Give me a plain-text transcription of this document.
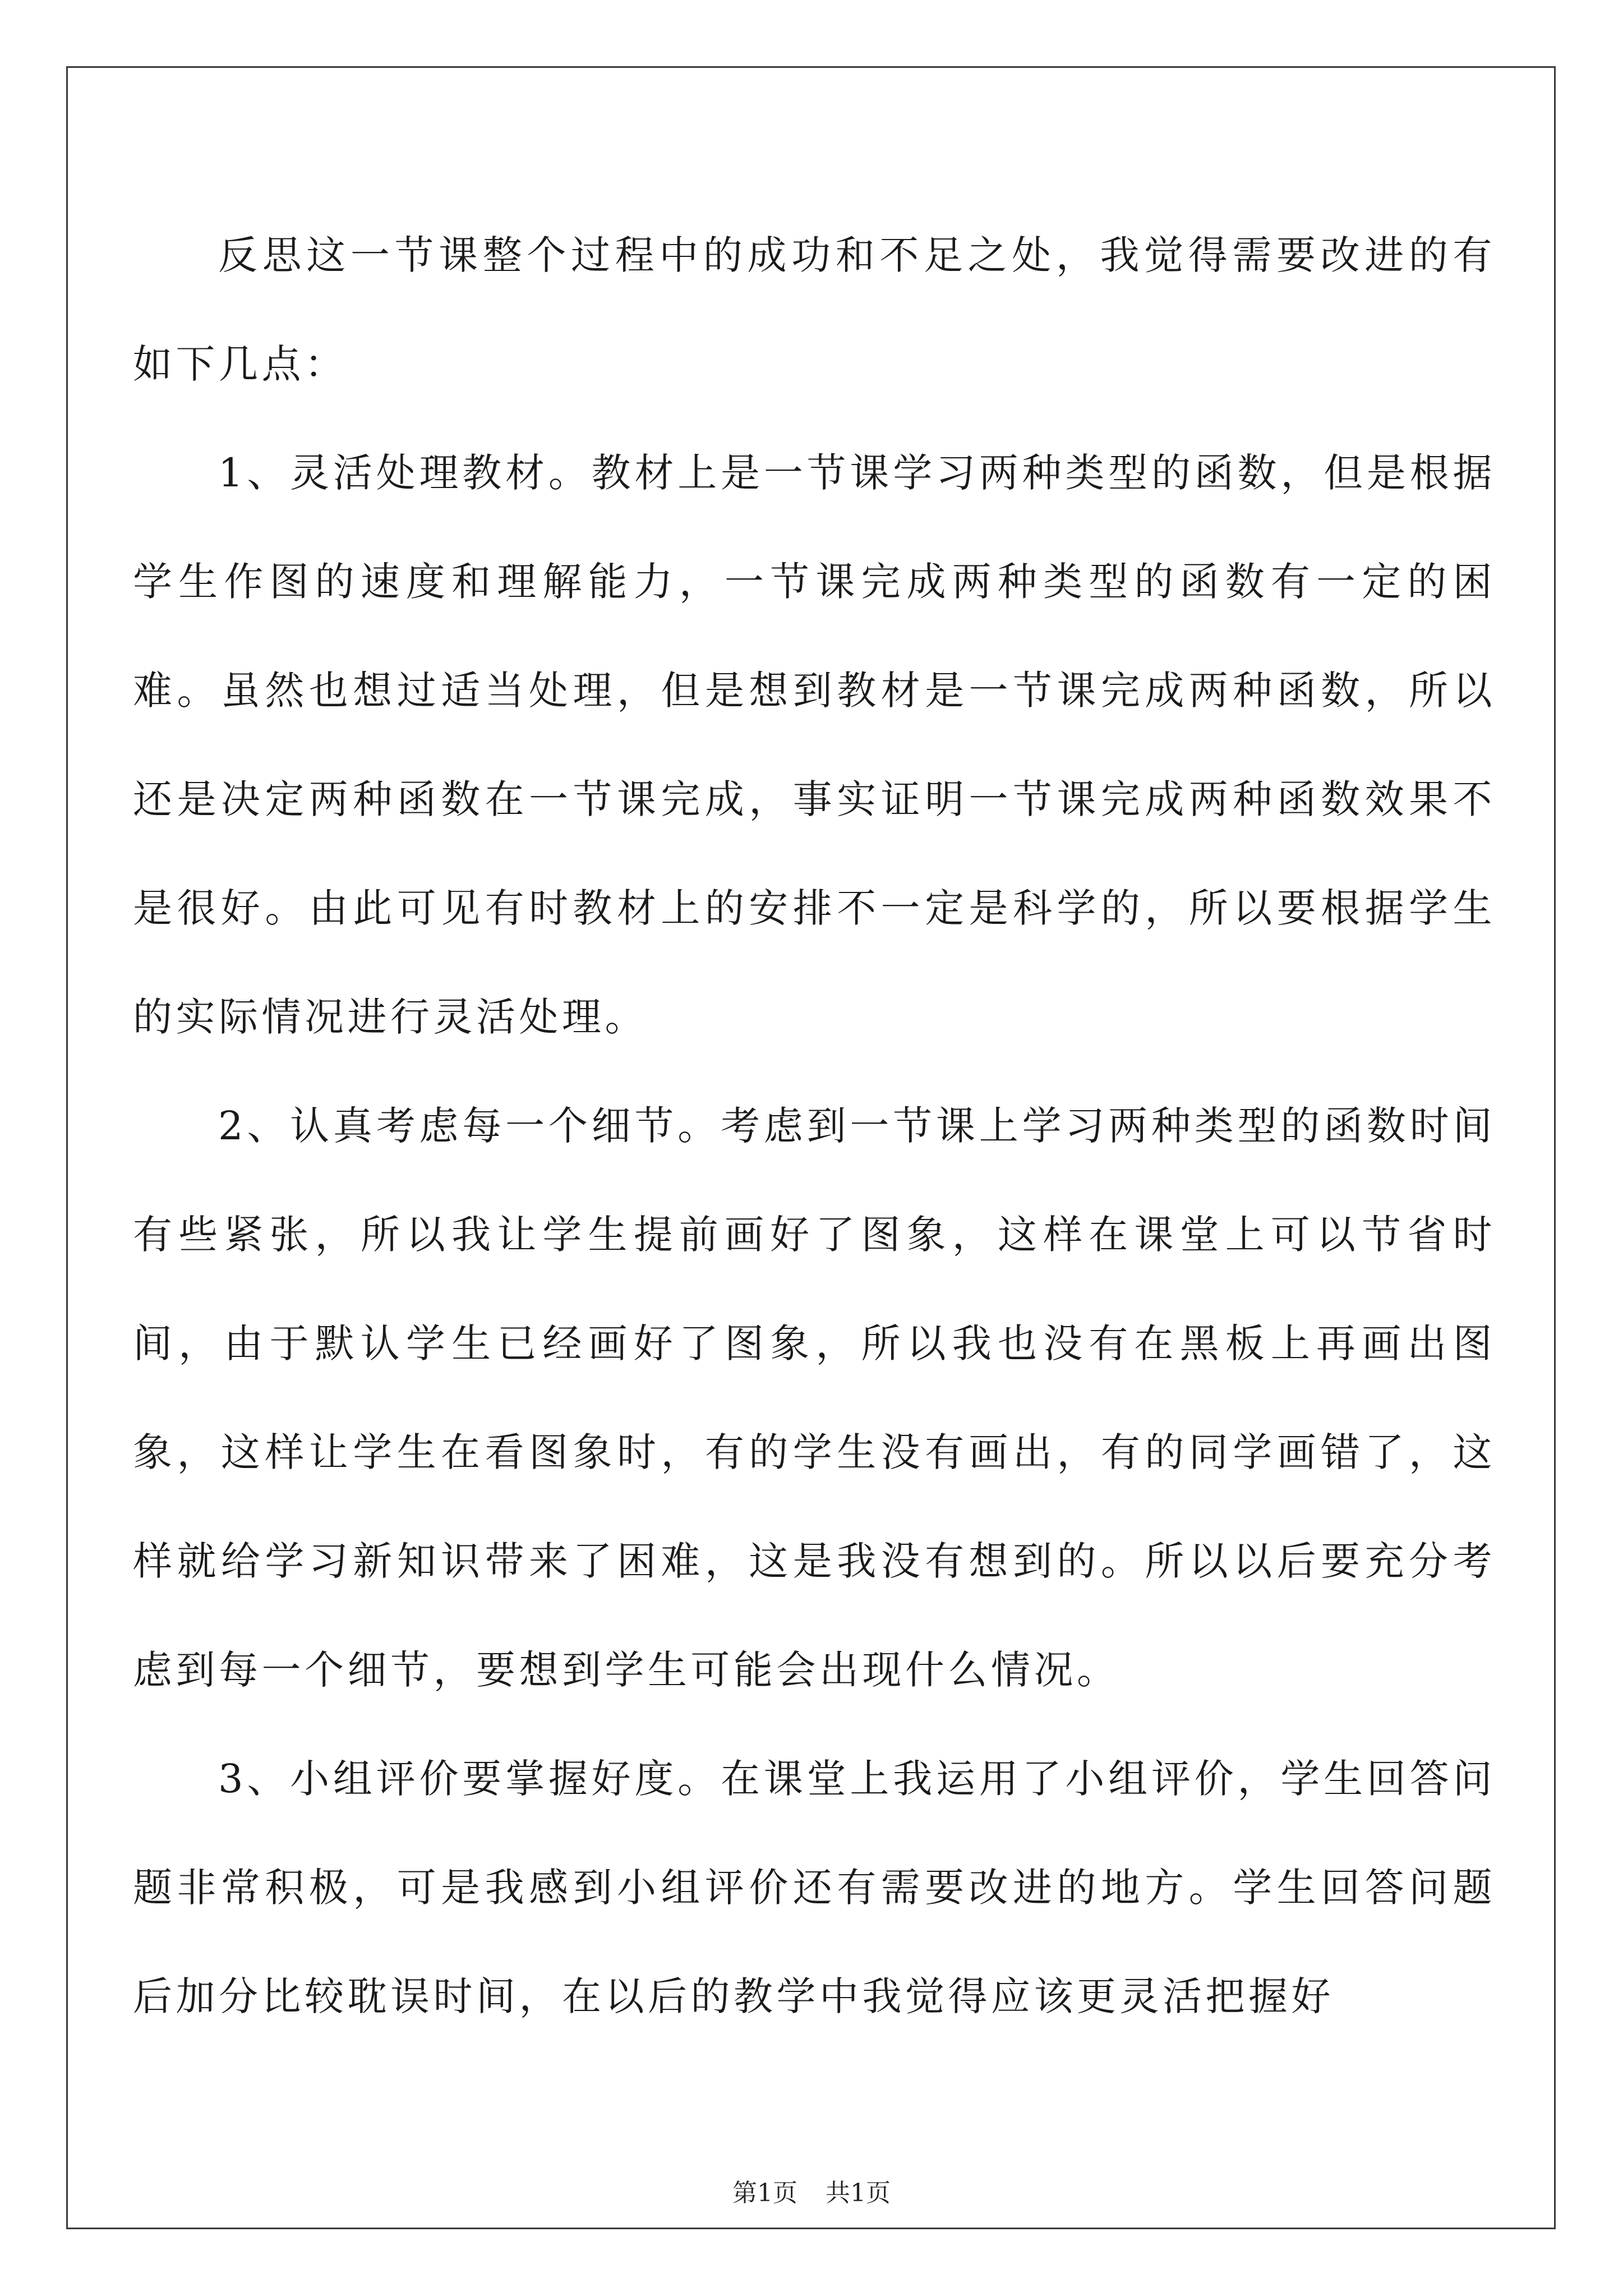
反思这一节课整个过程中的成功和不足之处，我觉得需要改进的有如下几点：

1、灵活处理教材。教材上是一节课学习两种类型的函数，但是根据学生作图的速度和理解能力，一节课完成两种类型的函数有一定的困难。虽然也想过适当处理，但是想到教材是一节课完成两种函数，所以还是决定两种函数在一节课完成，事实证明一节课完成两种函数效果不是很好。由此可见有时教材上的安排不一定是科学的，所以要根据学生的实际情况进行灵活处理。

2、认真考虑每一个细节。考虑到一节课上学习两种类型的函数时间有些紧张，所以我让学生提前画好了图象，这样在课堂上可以节省时间，由于默认学生已经画好了图象，所以我也没有在黑板上再画出图象，这样让学生在看图象时，有的学生没有画出，有的同学画错了，这样就给学习新知识带来了困难，这是我没有想到的。所以以后要充分考虑到每一个细节，要想到学生可能会出现什么情况。

3、小组评价要掌握好度。在课堂上我运用了小组评价，学生回答问题非常积极，可是我感到小组评价还有需要改进的地方。学生回答问题后加分比较耽误时间，在以后的教学中我觉得应该更灵活把握好

第1页 共1页
